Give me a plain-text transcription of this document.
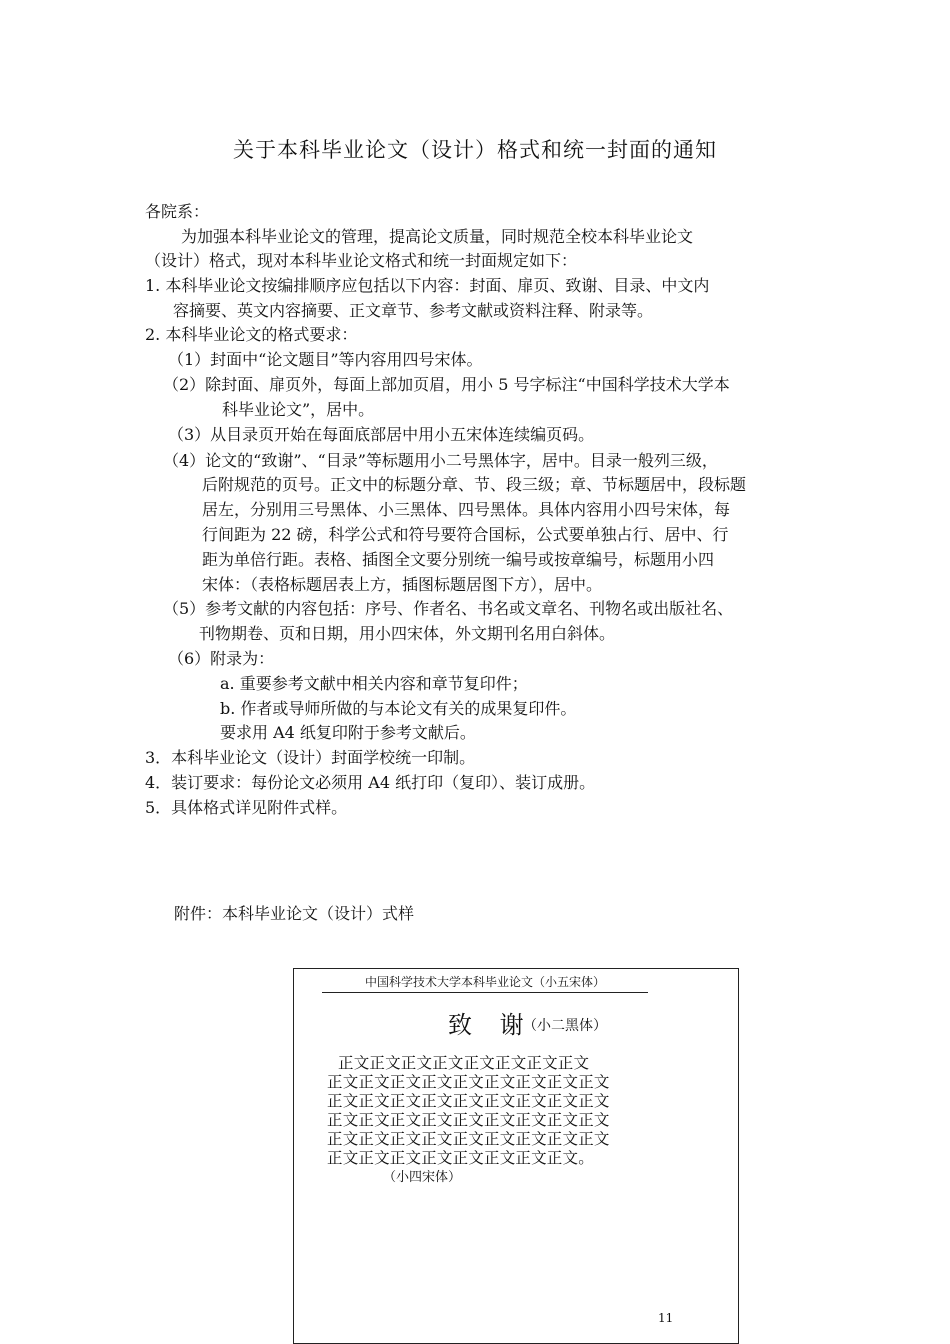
关于本科毕业论文（设计）格式和统一封面的通知
各院系：
为加强本科毕业论文的管理，提高论文质量，同时规范全校本科毕业论文
（设计）格式，现对本科毕业论文格式和统一封面规定如下：
1. 本科毕业论文按编排顺序应包括以下内容：封面、扉页、致谢、目录、中文内
容摘要、英文内容摘要、正文章节、参考文献或资料注释、附录等。
2. 本科毕业论文的格式要求：
（1）封面中“论文题目”等内容用四号宋体。
（2）除封面、扉页外，每面上部加页眉，用小 5 号字标注“中国科学技术大学本
科毕业论文”，居中。
（3）从目录页开始在每面底部居中用小五宋体连续编页码。
（4）论文的“致谢”、“目录”等标题用小二号黑体字，居中。目录一般列三级，
后附规范的页号。正文中的标题分章、节、段三级；章、节标题居中，段标题
居左，分别用三号黑体、小三黑体、四号黑体。具体内容用小四号宋体，每
行间距为 22 磅，科学公式和符号要符合国标，公式要单独占行、居中、行
距为单倍行距。表格、插图全文要分别统一编号或按章编号，标题用小四
宋体：（表格标题居表上方，插图标题居图下方），居中。
（5）参考文献的内容包括：序号、作者名、书名或文章名、刊物名或出版社名、
刊物期卷、页和日期，用小四宋体，外文期刊名用白斜体。
（6）附录为：
a. 重要参考文献中相关内容和章节复印件；
b. 作者或导师所做的与本论文有关的成果复印件。
要求用 A4 纸复印附于参考文献后。
3．本科毕业论文（设计）封面学校统一印制。
4．装订要求：每份论文必须用 A4 纸打印（复印）、装订成册。
5．具体格式详见附件式样。
附件：本科毕业论文（设计）式样
中国科学技术大学本科毕业论文（小五宋体）
致 谢
（小二黑体）
正文正文正文正文正文正文正文正文
正文正文正文正文正文正文正文正文正文
正文正文正文正文正文正文正文正文正文
正文正文正文正文正文正文正文正文正文
正文正文正文正文正文正文正文正文正文
正文正文正文正文正文正文正文正文。
（小四宋体）
11
